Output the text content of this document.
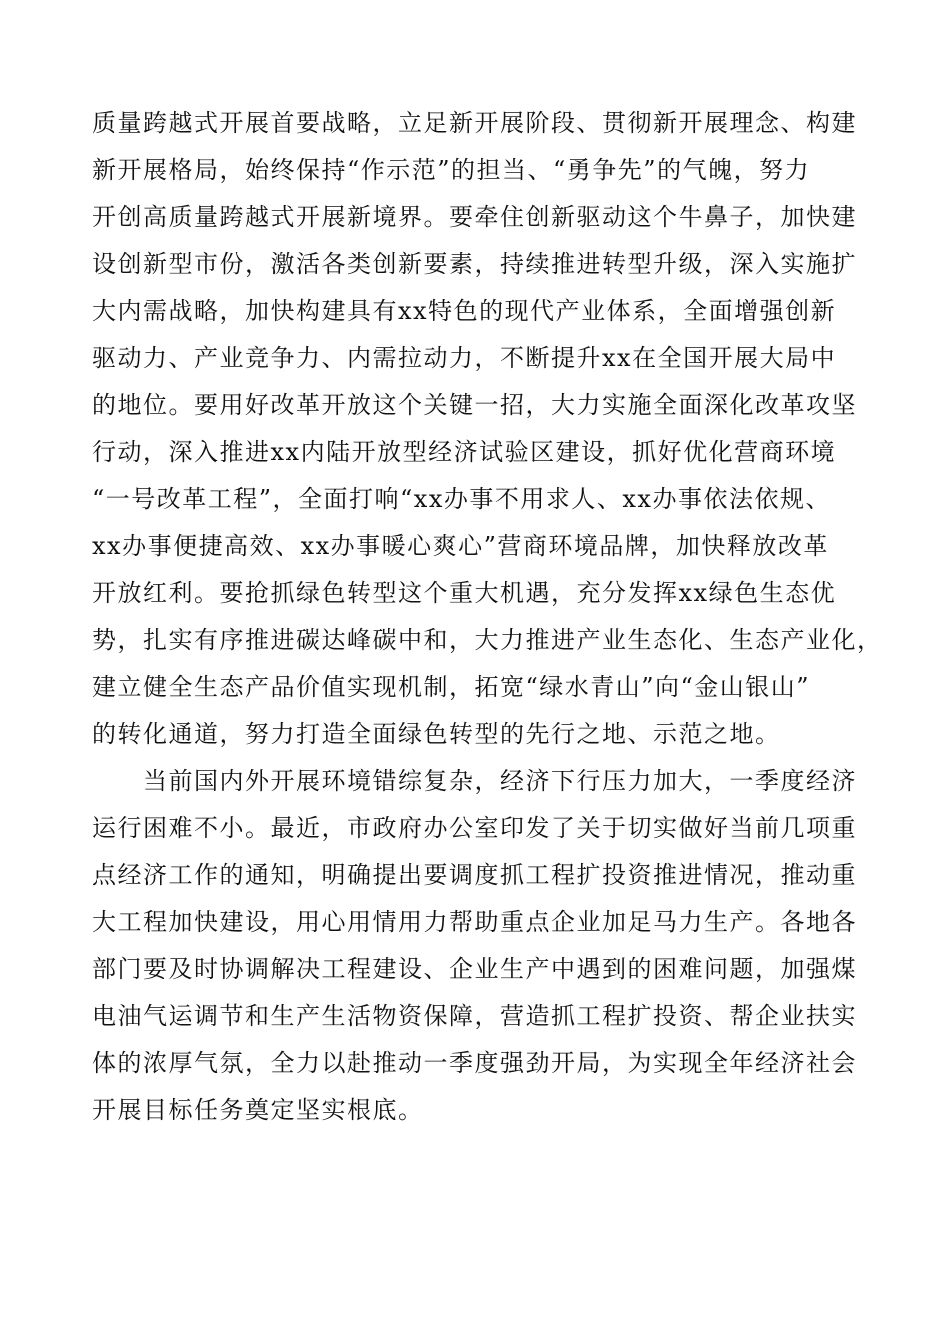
质量跨越式开展首要战略，立足新开展阶段、贯彻新开展理念、构建
新开展格局，始终保持“作示范”的担当、“勇争先”的气魄，努力
开创高质量跨越式开展新境界。要牵住创新驱动这个牛鼻子，加快建
设创新型市份，激活各类创新要素，持续推进转型升级，深入实施扩
大内需战略，加快构建具有xx特色的现代产业体系，全面增强创新
驱动力、产业竞争力、内需拉动力，不断提升xx在全国开展大局中
的地位。要用好改革开放这个关键一招，大力实施全面深化改革攻坚
行动，深入推进xx内陆开放型经济试验区建设，抓好优化营商环境
“一号改革工程”，全面打响“xx办事不用求人、xx办事依法依规、
xx办事便捷高效、xx办事暖心爽心”营商环境品牌，加快释放改革
开放红利。要抢抓绿色转型这个重大机遇，充分发挥xx绿色生态优
势，扎实有序推进碳达峰碳中和，大力推进产业生态化、生态产业化，
建立健全生态产品价值实现机制，拓宽“绿水青山”向“金山银山”
的转化通道，努力打造全面绿色转型的先行之地、示范之地。
　　当前国内外开展环境错综复杂，经济下行压力加大，一季度经济
运行困难不小。最近，市政府办公室印发了关于切实做好当前几项重
点经济工作的通知，明确提出要调度抓工程扩投资推进情况，推动重
大工程加快建设，用心用情用力帮助重点企业加足马力生产。各地各
部门要及时协调解决工程建设、企业生产中遇到的困难问题，加强煤
电油气运调节和生产生活物资保障，营造抓工程扩投资、帮企业扶实
体的浓厚气氛，全力以赴推动一季度强劲开局，为实现全年经济社会
开展目标任务奠定坚实根底。
